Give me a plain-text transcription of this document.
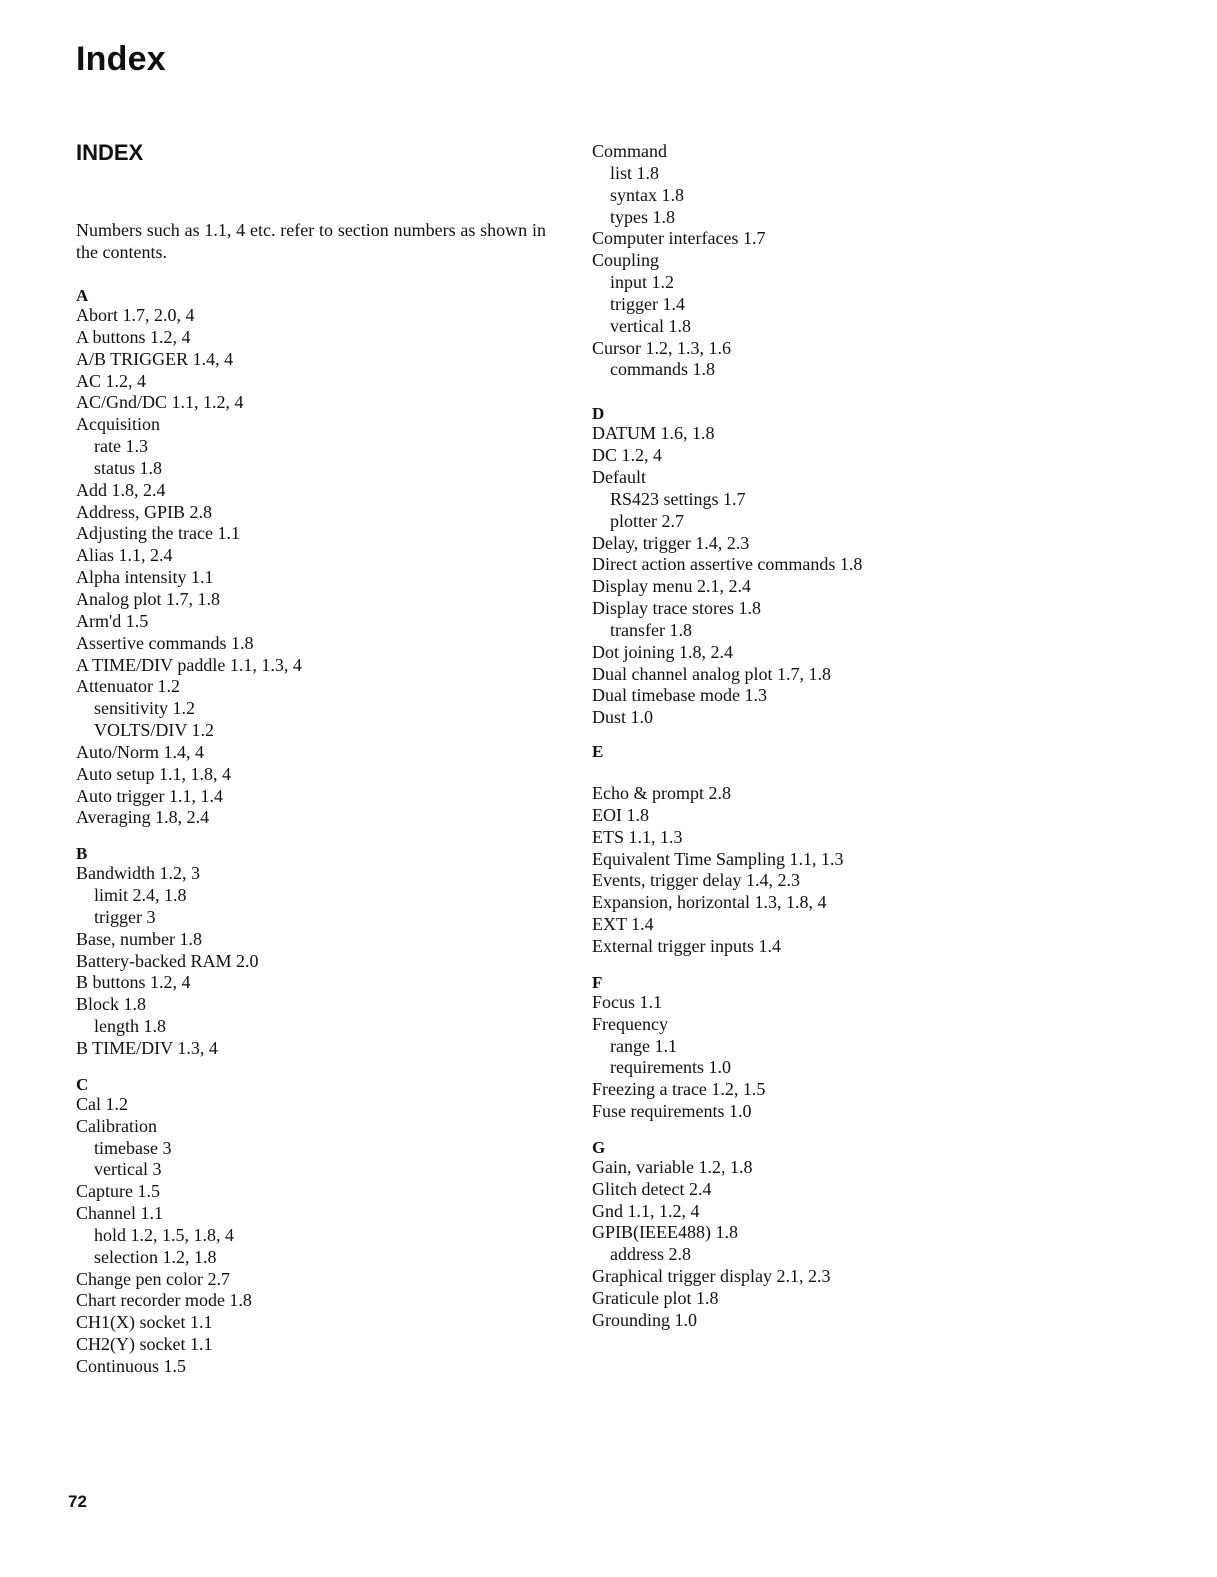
Index
INDEX

Numbers such as 1.1, 4 etc. refer to section numbers as shown in the contents.

A
Abort 1.7, 2.0, 4
A buttons 1.2, 4
A/B TRIGGER 1.4, 4
AC 1.2, 4
AC/Gnd/DC 1.1, 1.2, 4
Acquisition
rate 1.3
status 1.8
Add 1.8, 2.4
Address, GPIB 2.8
Adjusting the trace 1.1
Alias 1.1, 2.4
Alpha intensity 1.1
Analog plot 1.7, 1.8
Arm'd 1.5
Assertive commands 1.8
A TIME/DIV paddle 1.1, 1.3, 4
Attenuator 1.2
sensitivity 1.2
VOLTS/DIV 1.2
Auto/Norm 1.4, 4
Auto setup 1.1, 1.8, 4
Auto trigger 1.1, 1.4
Averaging 1.8, 2.4
B
Bandwidth 1.2, 3
limit 2.4, 1.8
trigger 3
Base, number 1.8
Battery-backed RAM 2.0
B buttons 1.2, 4
Block 1.8
length 1.8
B TIME/DIV 1.3, 4
C
Cal 1.2
Calibration
timebase 3
vertical 3
Capture 1.5
Channel 1.1
hold 1.2, 1.5, 1.8, 4
selection 1.2, 1.8
Change pen color 2.7
Chart recorder mode 1.8
CH1(X) socket 1.1
CH2(Y) socket 1.1
Continuous 1.5
Command
list 1.8
syntax 1.8
types 1.8
Computer interfaces 1.7
Coupling
input 1.2
trigger 1.4
vertical 1.8
Cursor 1.2, 1.3, 1.6
commands 1.8
D
DATUM 1.6, 1.8
DC 1.2, 4
Default
RS423 settings 1.7
plotter 2.7
Delay, trigger 1.4, 2.3
Direct action assertive commands 1.8
Display menu 2.1, 2.4
Display trace stores 1.8
transfer 1.8
Dot joining 1.8, 2.4
Dual channel analog plot 1.7, 1.8
Dual timebase mode 1.3
Dust 1.0
E
Echo & prompt 2.8
EOI 1.8
ETS 1.1, 1.3
Equivalent Time Sampling 1.1, 1.3
Events, trigger delay 1.4, 2.3
Expansion, horizontal 1.3, 1.8, 4
EXT 1.4
External trigger inputs 1.4
F
Focus 1.1
Frequency
range 1.1
requirements 1.0
Freezing a trace 1.2, 1.5
Fuse requirements 1.0
G
Gain, variable 1.2, 1.8
Glitch detect 2.4
Gnd 1.1, 1.2, 4
GPIB(IEEE488) 1.8
address 2.8
Graphical trigger display 2.1, 2.3
Graticule plot 1.8
Grounding 1.0
72
